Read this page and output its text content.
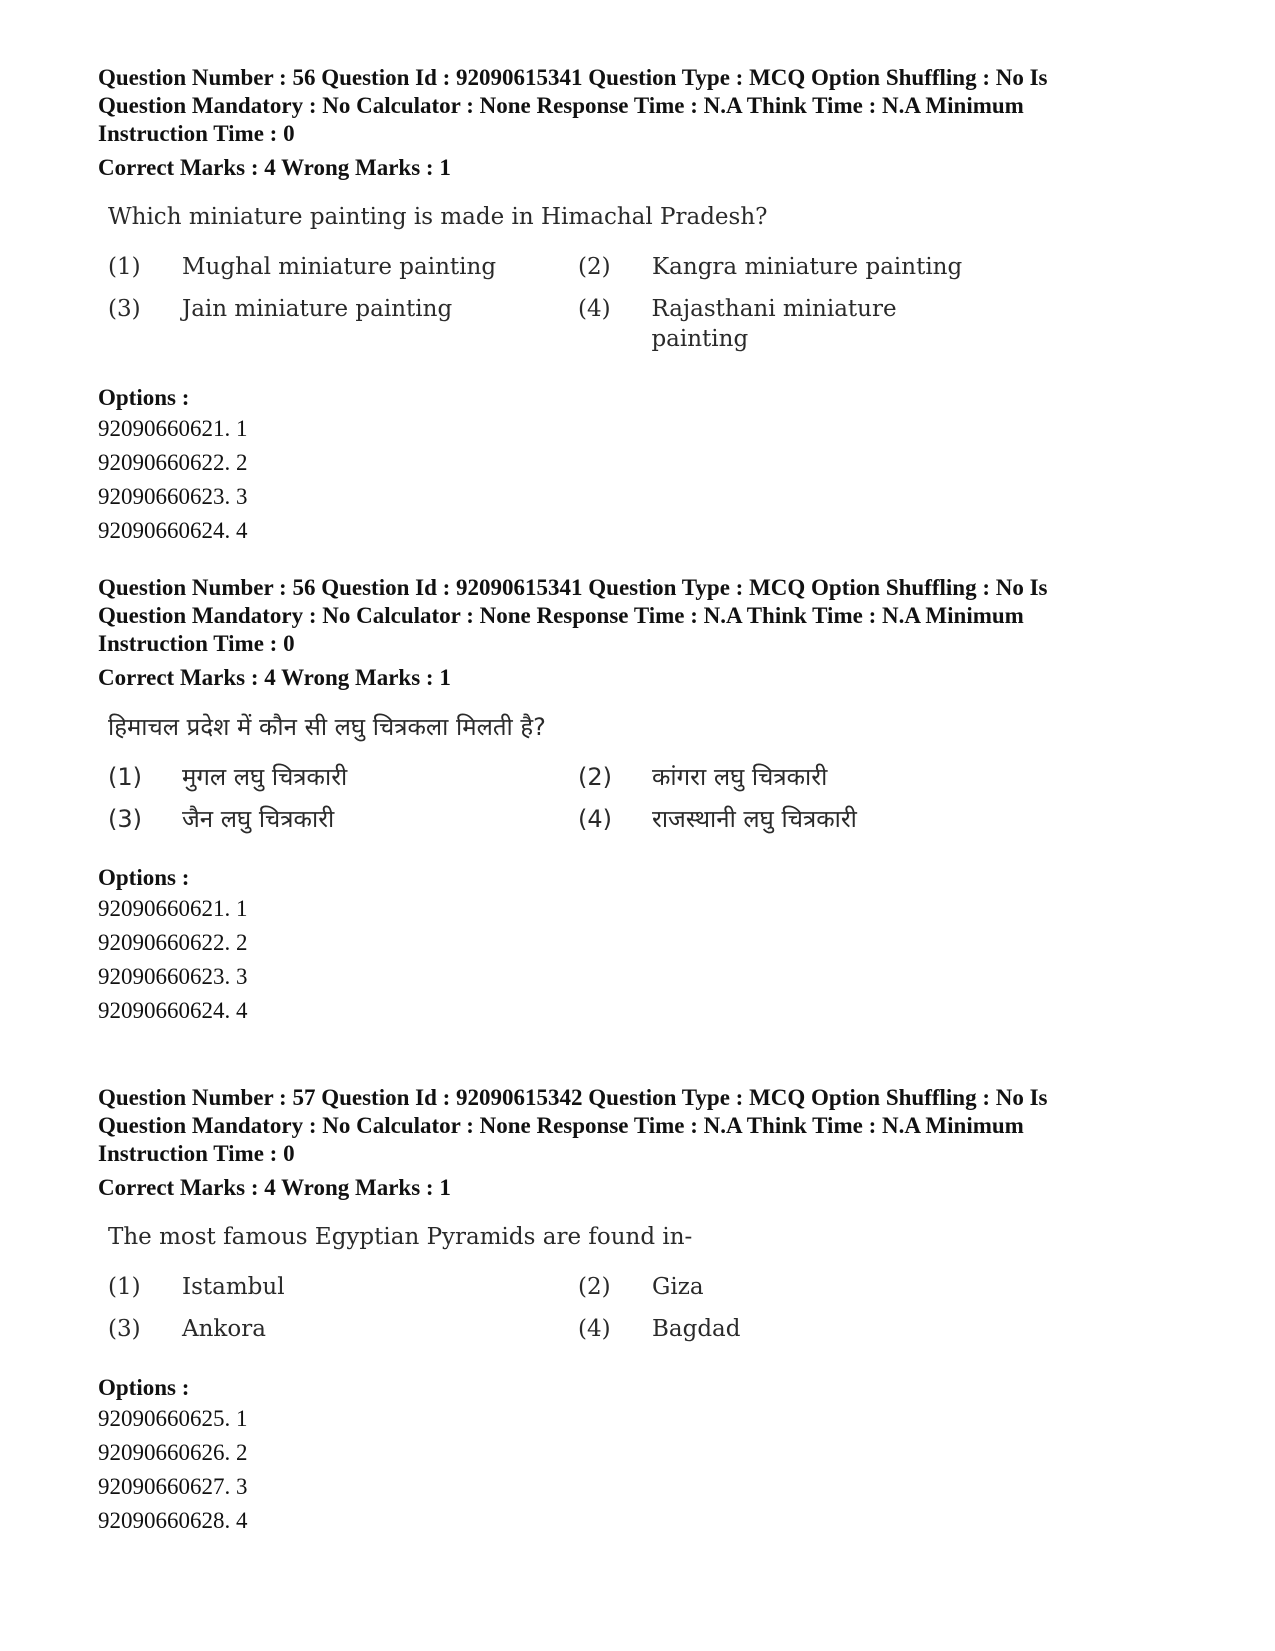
Question Number : 56 Question Id : 92090615341 Question Type : MCQ Option Shuffling : No Is
Question Mandatory : No Calculator : None Response Time : N.A Think Time : N.A Minimum
Instruction Time : 0
Correct Marks : 4 Wrong Marks : 1
Which miniature painting is made in Himachal Pradesh?
(1)	Mughal miniature painting	(2)	Kangra miniature painting
(3)	Jain miniature painting	(4)	Rajasthani miniature painting
Options :
92090660621. 1
92090660622. 2
92090660623. 3
92090660624. 4
Question Number : 56 Question Id : 92090615341 Question Type : MCQ Option Shuffling : No Is
Question Mandatory : No Calculator : None Response Time : N.A Think Time : N.A Minimum
Instruction Time : 0
Correct Marks : 4 Wrong Marks : 1
हिमाचल प्रदेश में कौन सी लघु चित्रकला मिलती है?
(1)	मुगल लघु चित्रकारी	(2)	कांगरा लघु चित्रकारी
(3)	जैन लघु चित्रकारी	(4)	राजस्थानी लघु चित्रकारी
Options :
92090660621. 1
92090660622. 2
92090660623. 3
92090660624. 4
Question Number : 57 Question Id : 92090615342 Question Type : MCQ Option Shuffling : No Is
Question Mandatory : No Calculator : None Response Time : N.A Think Time : N.A Minimum
Instruction Time : 0
Correct Marks : 4 Wrong Marks : 1
The most famous Egyptian Pyramids are found in-
(1)	Istambul	(2)	Giza
(3)	Ankora	(4)	Bagdad
Options :
92090660625. 1
92090660626. 2
92090660627. 3
92090660628. 4
